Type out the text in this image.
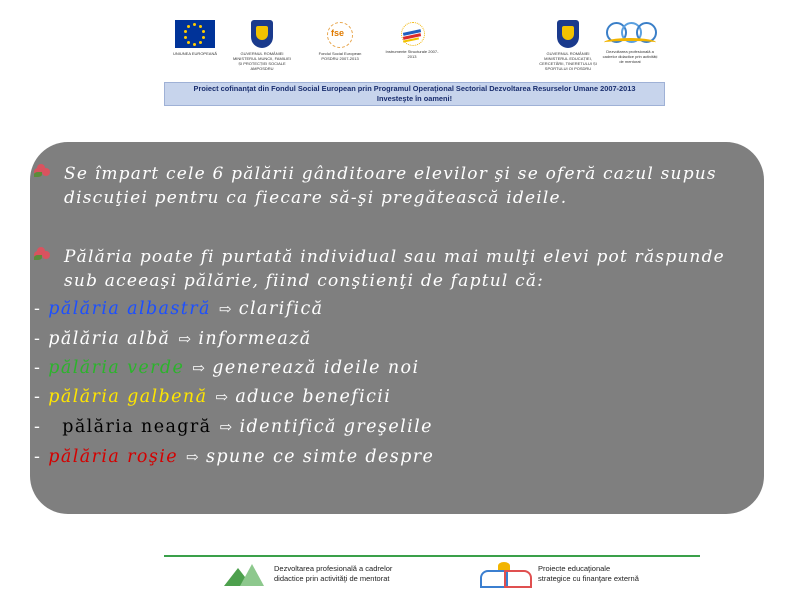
UNIUNEA EUROPEANĂ	GUVERNUL ROMÂNIEI MINISTERUL MUNCII, FAMILIEI ȘI PROTECȚIEI SOCIALE AMPOSDRU
fse
Fondul Social European POSDRU 2007-2013
Instrumente Structurale 2007-2013
GUVERNUL ROMÂNIEI MINISTERUL EDUCAȚIEI, CERCETĂRII, TINERETULUI ȘI SPORTULUI OI POSDRU
Dezvoltarea profesională a cadrelor didactice prin activități de mentorat
Proiect cofinanţat din Fondul Social European prin Programul Operaţional Sectorial Dezvoltarea Resurselor Umane 2007-2013
Investeşte în oameni!
Se împart cele 6 pălării gânditoare elevilor şi se oferă cazul supus discuţiei pentru ca fiecare să-şi pregătească ideile.
Pălăria poate fi purtată individual sau mai mulţi elevi pot răspunde sub aceeaşi pălărie, fiind conştienţi de faptul că:
- pălăria albastră ⇨ clarifică
- pălăria albă ⇨ informează
- pălăria verde ⇨ generează ideile noi
- pălăria galbenă ⇨ aduce beneficii
- pălăria neagră ⇨ identifică greşelile
- pălăria roşie ⇨ spune ce simte despre
Dezvoltarea profesională a cadrelor
didactice prin activităţi de mentorat
Proiecte educaţionale
strategice cu finanţare externă
